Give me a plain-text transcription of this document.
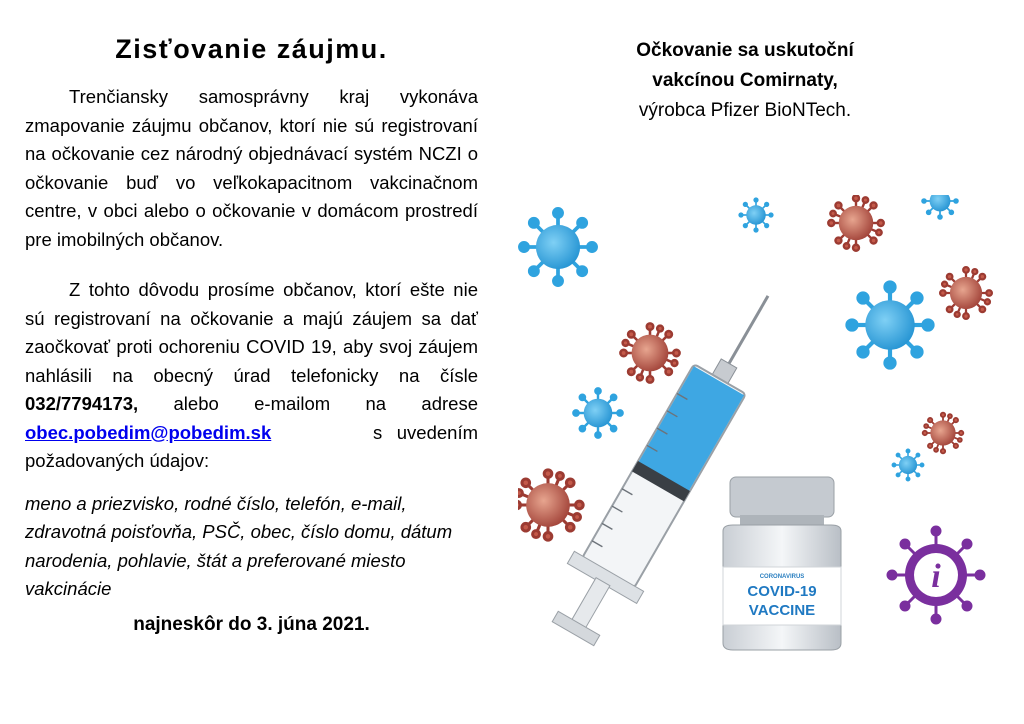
Zisťovanie záujmu.

Trenčiansky samosprávny kraj vykonáva zmapovanie záujmu občanov, ktorí nie sú registrovaní na očkovanie cez národný objednávací systém NCZI o očkovanie buď vo veľkokapacitnom vakcinačnom centre, v obci alebo o očkovanie v domácom prostredí pre imobilných občanov.

Z tohto dôvodu prosíme občanov, ktorí ešte nie sú registrovaní na očkovanie a majú záujem sa dať zaočkovať proti ochoreniu COVID 19, aby svoj záujem nahlásili na obecný úrad telefonicky na čísle 032/7794173, alebo e-mailom na adrese obec.pobedim@pobedim.sk	s uvedením požadovaných údajov:

meno a priezvisko, rodné číslo, telefón, e-mail, zdravotná poisťovňa, PSČ, obec, číslo domu, dátum narodenia, pohlavie, štát a preferované miesto vakcinácie

najneskôr do 3. júna 2021.
Očkovanie sa uskutoční
vakcínou Comirnaty,
výrobca Pfizer BioNTech.
CORONAVIRUS
COVID-19
VACCINE
i
